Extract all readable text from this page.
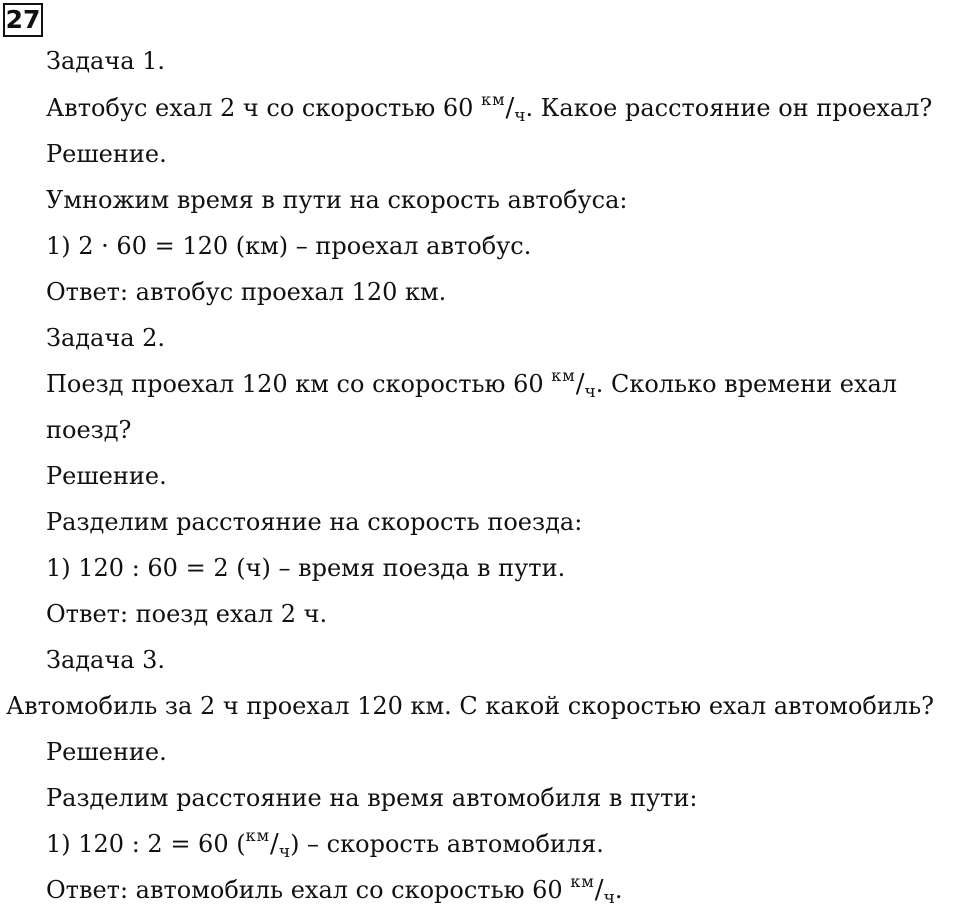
27
Задача 1.
Автобус ехал 2 ч со скоростью 60 $^{км}/_ч$. Какое расстояние он проехал?
Решение.
Умножим время в пути на скорость автобуса:
1) 2 · 60 = 120 (км) – проехал автобус.
Ответ: автобус проехал 120 км.
Задача 2.
Поезд проехал 120 км со скоростью 60 $^{км}/_ч$. Сколько времени ехал
поезд?
Решение.
Разделим расстояние на скорость поезда:
1) 120 : 60 = 2 (ч) – время поезда в пути.
Ответ: поезд ехал 2 ч.
Задача 3.
Автомобиль за 2 ч проехал 120 км. С какой скоростью ехал автомобиль?
Решение.
Разделим расстояние на время автомобиля в пути:
1) 120 : 2 = 60 $(^{км}/_ч)$ – скорость автомобиля.
Ответ: автомобиль ехал со скоростью 60 $^{км}/_ч$.
